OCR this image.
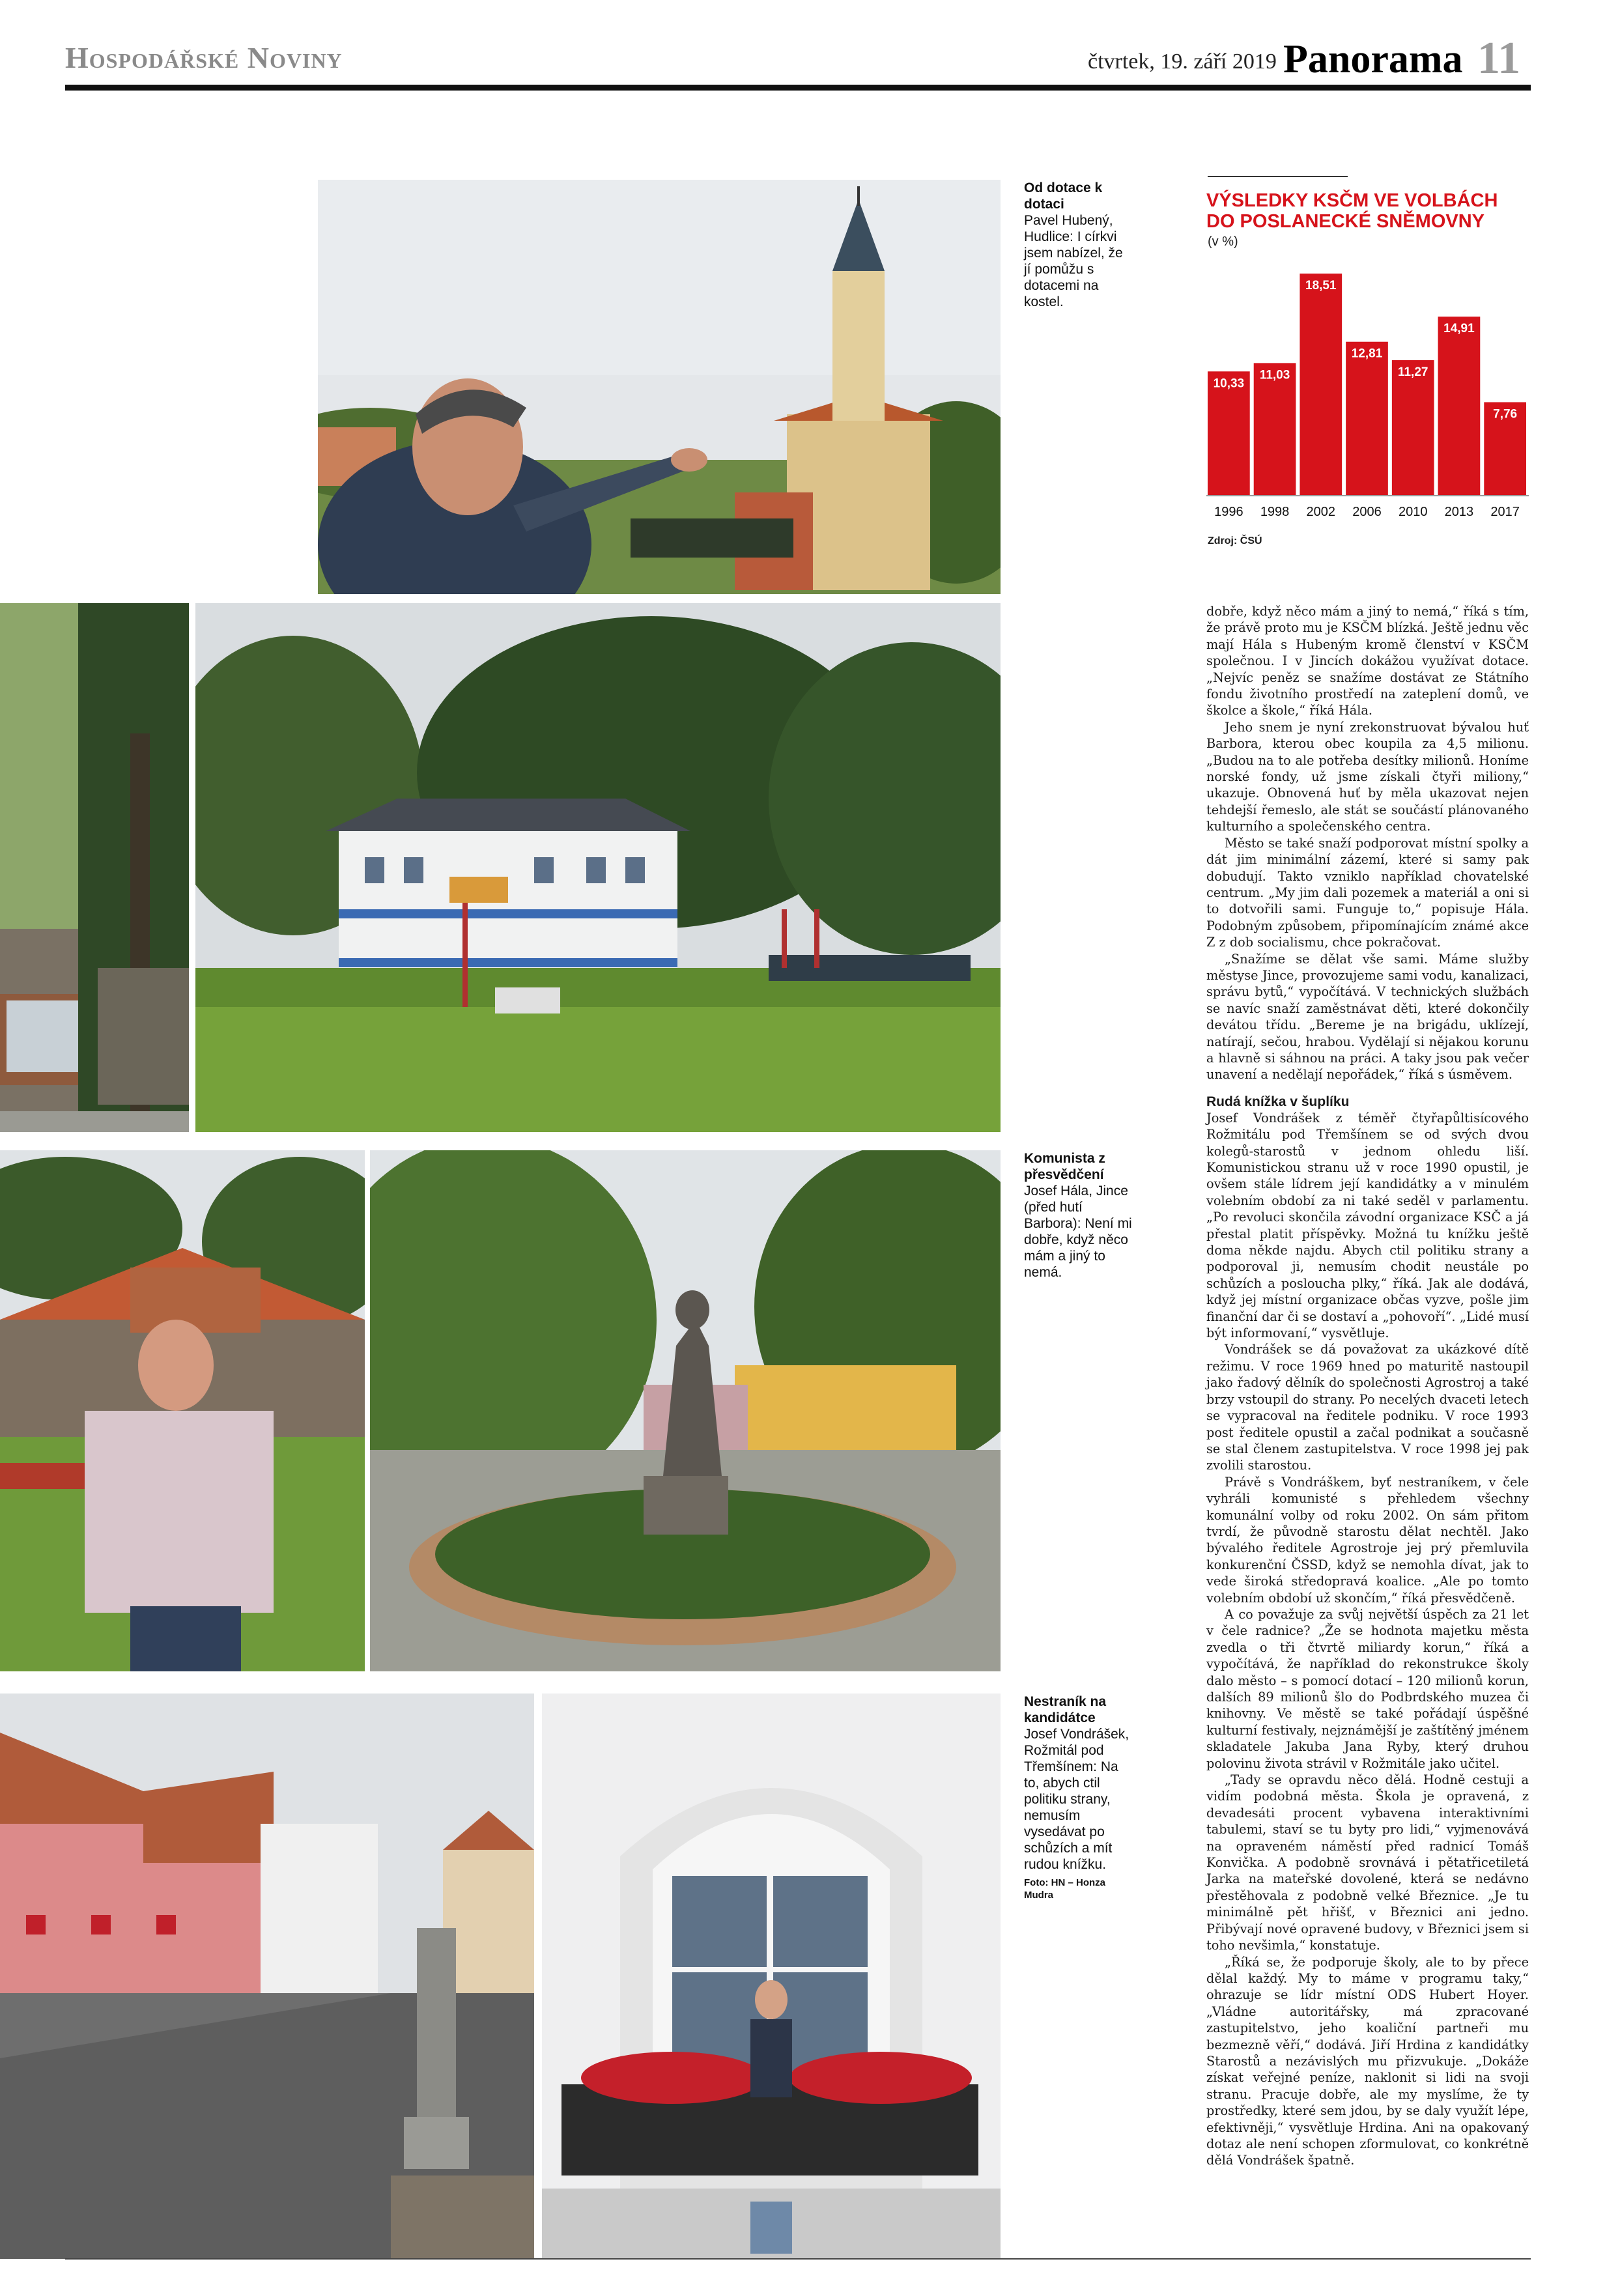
Hospodářské Noviny	čtvrtek, 19. září 2019 Panorama 11
Od dotace k dotaci
Pavel Hubený, Hudlice: I církvi jsem nabízel, že jí pomůžu s dotacemi na kostel.
VÝSLEDKY KSČM VE VOLBÁCH DO POSLANECKÉ SNĚMOVNY
(v %)
10,33
1996
11,03
1998
18,51
2002
12,81
2006
11,27
2010
14,91
2013
7,76
2017
Zdroj: ČSÚ
Komunista z přesvědčení
Josef Hála, Jince (před hutí Barbora): Není mi dobře, když něco mám a jiný to nemá.
Nestraník na kandidátce
Josef Vondrášek, Rožmitál pod Třemšínem: Na to, abych ctil politiku strany, nemusím vysedávat po schůzích a mít rudou knížku.
Foto: HN – Honza Mudra

dobře, když něco mám a jiný to nemá,“ říká s tím, že právě proto mu je KSČM blízká. Ještě jednu věc mají Hála s Hubeným kromě členství v KSČM společnou. I v Jincích dokážou využívat dotace. „Nejvíc peněz se snažíme dostávat ze Státního fondu životního prostředí na zateplení domů, ve školce a škole,“ říká Hála.

Jeho snem je nyní zrekonstruovat bývalou huť Barbora, kterou obec koupila za 4,5 milionu. „Budou na to ale potřeba desítky milionů. Honíme norské fondy, už jsme získali čtyři miliony,“ ukazuje. Obnovená huť by měla ukazovat nejen tehdejší řemeslo, ale stát se součástí plánovaného kulturního a společenského centra.

Město se také snaží podporovat místní spolky a dát jim minimální zázemí, které si samy pak dobudují. Takto vzniklo například chovatelské centrum. „My jim dali pozemek a materiál a oni si to dotvořili sami. Funguje to,“ popisuje Hála. Podobným způsobem, připomínajícím známé akce Z z dob socialismu, chce pokračovat.

„Snažíme se dělat vše sami. Máme služby městyse Jince, provozujeme sami vodu, kanalizaci, správu bytů,“ vypočítává. V technických službách se navíc snaží zaměstnávat děti, které dokončily devátou třídu. „Bereme je na brigádu, uklízejí, natírají, sečou, hrabou. Vydělají si nějakou korunu a hlavně si sáhnou na práci. A taky jsou pak večer unavení a nedělají nepořádek,“ říká s úsměvem.

Rudá knížka v šuplíku

Josef Vondrášek z téměř čtyřapůltisícového Rožmitálu pod Třemšínem se od svých dvou kolegů-starostů v jednom ohledu liší. Komunistickou stranu už v roce 1990 opustil, je ovšem stále lídrem její kandidátky a v minulém volebním období za ni také seděl v parlamentu. „Po revoluci skončila závodní organizace KSČ a já přestal platit příspěvky. Možná tu knížku ještě doma někde najdu. Abych ctil politiku strany a podporoval ji, nemusím chodit neustále po schůzích a posloucha plky,“ říká. Jak ale dodává, když jej místní organizace občas vyzve, pošle jim finanční dar či se dostaví a „pohovoří“. „Lidé musí být informovaní,“ vysvětluje.

Vondrášek se dá považovat za ukázkové dítě režimu. V roce 1969 hned po maturitě nastoupil jako řadový dělník do společnosti Agrostroj a také brzy vstoupil do strany. Po necelých dvaceti letech se vypracoval na ředitele podniku. V roce 1993 post ředitele opustil a začal podnikat a současně se stal členem zastupitelstva. V roce 1998 jej pak zvolili starostou.

Právě s Vondráškem, byť nestraníkem, v čele vyhráli komunisté s přehledem všechny komunální volby od roku 2002. On sám přitom tvrdí, že původně starostu dělat nechtěl. Jako bývalého ředitele Agrostroje jej prý přemluvila konkurenční ČSSD, když se nemohla dívat, jak to vede široká středopravá koalice. „Ale po tomto volebním období už skončím,“ říká přesvědčeně.

A co považuje za svůj největší úspěch za 21 let v čele radnice? „Že se hodnota majetku města zvedla o tři čtvrtě miliardy korun,“ říká a vypočítává, že například do rekonstrukce školy dalo město – s pomocí dotací – 120 milionů korun, dalších 89 milionů šlo do Podbrdského muzea či knihovny. Ve městě se také pořádají úspěšné kulturní festivaly, nejznámější je zaštítěný jménem skladatele Jakuba Jana Ryby, který druhou polovinu života strávil v Rožmitále jako učitel.

„Tady se opravdu něco dělá. Hodně cestuji a vidím podobná města. Škola je opravená, z devadesáti procent vybavena interaktivními tabulemi, staví se tu byty pro lidi,“ vyjmenovává na opraveném náměstí před radnicí Tomáš Konvička. A podobně srovnává i pětatřicetiletá Jarka na mateřské dovolené, která se nedávno přestěhovala z podobně velké Březnice. „Je tu minimálně pět hřišť, v Březnici ani jedno. Přibývají nové opravené budovy, v Březnici jsem si toho nevšimla,“ konstatuje.

„Říká se, že podporuje školy, ale to by přece dělal každý. My to máme v programu taky,“ ohrazuje se lídr místní ODS Hubert Hoyer. „Vládne autoritářsky, má zpracované zastupitelstvo, jeho koaliční partneři mu bezmezně věří,“ dodává. Jiří Hrdina z kandidátky Starostů a nezávislých mu přizvukuje. „Dokáže získat veřejné peníze, naklonit si lidi na svoji stranu. Pracuje dobře, ale my myslíme, že ty prostředky, které sem jdou, by se daly využít lépe, efektivněji,“ vysvětluje Hrdina. Ani na opakovaný dotaz ale není schopen zformulovat, co konkrétně dělá Vondrášek špatně.
